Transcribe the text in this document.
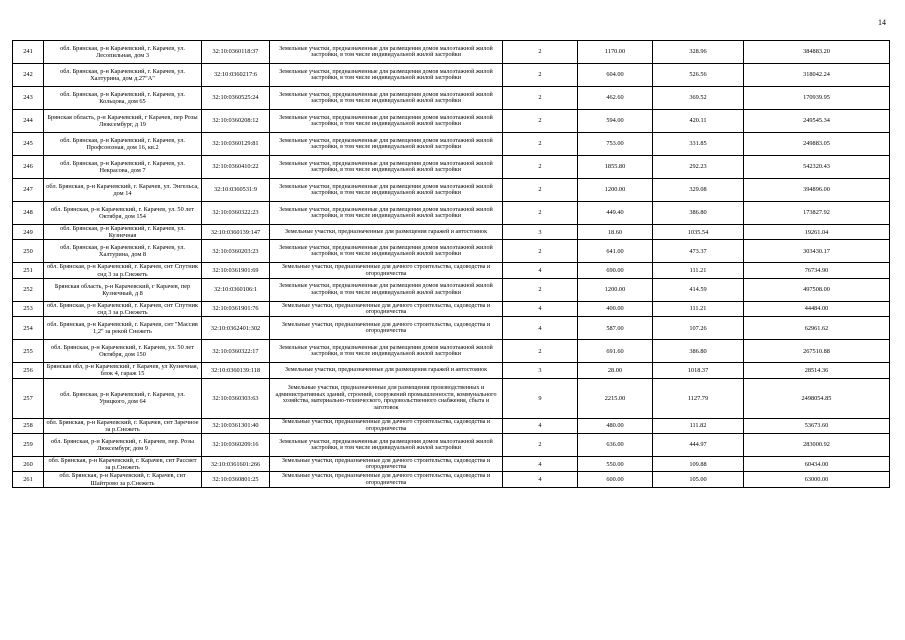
14
241	обл. Брянская, р-н Карачевский, г. Карачев, ул. Лесопильная, дом 3	32:10:0360118:37	Земельные участки, предназначенные для размещения домов малоэтажной жилой застройки, в том числе индивидуальной жилой застройки	2	1170.00	328.96	384883.20
242	обл. Брянская, р-н Карачевский, г. Карачев, ул. Халтурина, дом д.27"А"	32:10:0360217:6	Земельные участки, предназначенные для размещения домов малоэтажной жилой застройки, в том числе индивидуальной жилой застройки	2	604.00	526.56	318042.24
243	обл. Брянская, р-н Карачевский, г. Карачев, ул. Кольцова, дом 65	32:10:0360525:24	Земельные участки, предназначенные для размещения домов малоэтажной жилой застройки, в том числе индивидуальной жилой застройки	2	462.60	369.52	170939.95
244	Брянская область, р-н Карачевский, г Карачев, пер Розы Люксембург, д 19	32:10:0360208:12	Земельные участки, предназначенные для размещения домов малоэтажной жилой застройки, в том числе индивидуальной жилой застройки	2	594.00	420.11	249545.34
245	обл. Брянская, р-н Карачевский, г. Карачев, ул. Профсоюзная, дом 16, кв.2	32:10:0360129:81	Земельные участки, предназначенные для размещения домов малоэтажной жилой застройки, в том числе индивидуальной жилой застройки	2	753.00	331.85	249883.05
246	обл. Брянская, р-н Карачевский, г. Карачев, ул. Некрасова, дом 7	32:10:0360410:22	Земельные участки, предназначенные для размещения домов малоэтажной жилой застройки, в том числе индивидуальной жилой застройки	2	1855.80	292.23	542320.43
247	обл. Брянская, р-н Карачевский, г. Карачев, ул. Энгельса, дом 14	32:10:0360531:9	Земельные участки, предназначенные для размещения домов малоэтажной жилой застройки, в том числе индивидуальной жилой застройки	2	1200.00	329.08	394896.00
248	обл. Брянская, р-н Карачевский, г. Карачев, ул. 50 лет Октября, дом 154	32:10:0360322:23	Земельные участки, предназначенные для размещения домов малоэтажной жилой застройки, в том числе индивидуальной жилой застройки	2	449.40	386.80	173827.92
249	обл. Брянская, р-н Карачевский, г. Карачев, ул. Кузнечная	32:10:0360139:147	Земельные участки, предназначенные для размещения гаражей и автостоянок	3	18.60	1035.54	19261.04
250	обл. Брянская, р-н Карачевский, г. Карачев, ул. Халтурина, дом 8	32:10:0360203:23	Земельные участки, предназначенные для размещения домов малоэтажной жилой застройки, в том числе индивидуальной жилой застройки	2	641.00	473.37	303430.17
251	обл. Брянская, р-н Карачевский, г. Карачев, снт Спутник снд 3 за р.Снежеть	32:10:0361901:69	Земельные участки, предназначенные для дачного строительства, садоводства и огородничества	4	690.00	111.21	76734.90
252	Брянская область, р-н Карачевский, г Карачев, пер Кузнечный, д 8	32:10:0360106:1	Земельные участки, предназначенные для размещения домов малоэтажной жилой застройки, в том числе индивидуальной жилой застройки	2	1200.00	414.59	497508.00
253	обл. Брянская, р-н Карачевский, г. Карачев, снт Спутник снд 3 за р.Снежеть	32:10:0361901:76	Земельные участки, предназначенные для дачного строительства, садоводства и огородничества	4	400.00	111.21	44484.00
254	обл. Брянская, р-н Карачевский, г. Карачев, снт "Массив 1,2" за рекой Снежеть	32:10:0362401:302	Земельные участки, предназначенные для дачного строительства, садоводства и огородничества	4	587.00	107.26	62961.62
255	обл. Брянская, р-н Карачевский, г. Карачев, ул. 50 лет Октября, дом 150	32:10:0360322:17	Земельные участки, предназначенные для размещения домов малоэтажной жилой застройки, в том числе индивидуальной жилой застройки	2	691.60	386.80	267510.88
256	Брянская обл, р-н Карачевский, г Карачев, ул Кузнечная, блок 4, гараж 15	32:10:0360139:118	Земельные участки, предназначенные для размещения гаражей и автостоянок	3	28.00	1018.37	28514.36
257	обл. Брянская, р-н Карачевский, г. Карачев, ул. Урицкого, дом 64	32:10:0360303:63	Земельные участки, предназначенные для размещения производственных и административных зданий, строений, сооружений промышленности, коммунального хозяйства, материально-технического, продовольственного снабжения, сбыта и заготовок	9	2215.00	1127.79	2498054.85
258	обл. Брянская, р-н Карачевский, г. Карачев, снт Заречное за р.Снежеть	32:10:0361301:40	Земельные участки, предназначенные для дачного строительства, садоводства и огородничества	4	480.00	111.82	53673.60
259	обл. Брянская, р-н Карачевский, г. Карачев, пер. Розы Люксембург, дом 9	32:10:0360209:16	Земельные участки, предназначенные для размещения домов малоэтажной жилой застройки, в том числе индивидуальной жилой застройки	2	636.00	444.97	283000.92
260	обл. Брянская, р-н Карачевский, г. Карачев, снт Рассвет за р.Снежеть	32:10:0361601:266	Земельные участки, предназначенные для дачного строительства, садоводства и огородничества	4	550.00	109.88	60434.00
261	обл. Брянская, р-н Карачевский, г. Карачев, снт Шайтрово за р.Снежеть	32:10:0360801:25	Земельные участки, предназначенные для дачного строительства, садоводства и огородничества	4	600.00	105.00	63000.00
